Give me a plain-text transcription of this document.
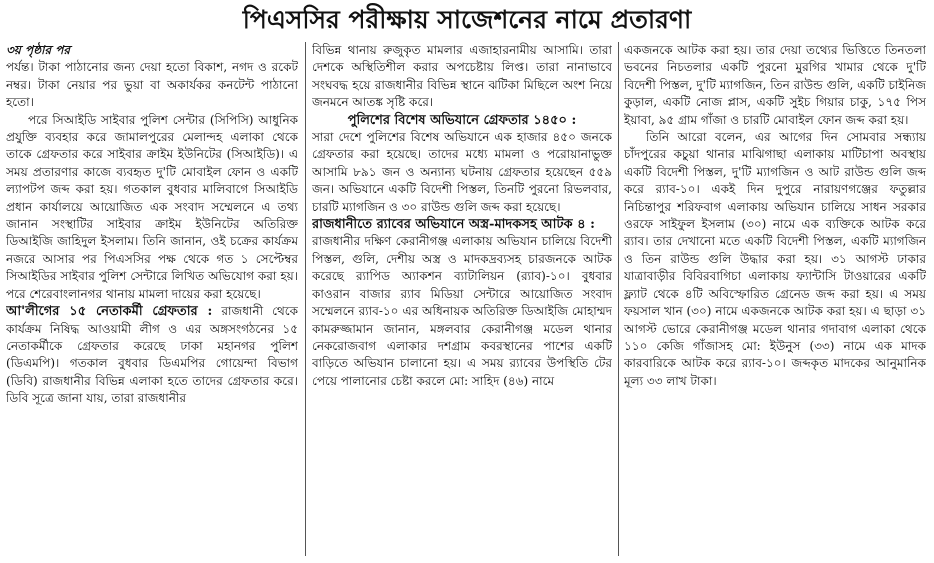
পিএসসির পরীক্ষায় সাজেশনের নামে প্রতারণা

৩য় পৃষ্ঠার পর

পর্যন্ত। টাকা পাঠানোর জন্য দেয়া হতো বিকাশ, নগদ ও রকেট নম্বর। টাকা নেয়ার পর ভুয়া বা অকার্যকর কনটেন্ট পাঠানো হতো।

পরে সিআইডি সাইবার পুলিশ সেন্টার (সিপিসি) আধুনিক প্রযুক্তি ব্যবহার করে জামালপুরের মেলান্দহ এলাকা থেকে তাকে গ্রেফতার করে সাইবার ক্রাইম ইউনিটের (সিআইডি)। এ সময় প্রতারণার কাজে ব্যবহৃত দু'টি মোবাইল ফোন ও একটি ল্যাপটপ জব্দ করা হয়। গতকাল বুধবার মালিবাগে সিআইডি প্রধান কার্যালয়ে আয়োজিত এক সংবাদ সম্মেলনে এ তথ্য জানান সংস্থাটির সাইবার ক্রাইম ইউনিটের অতিরিক্ত ডিআইজি জাহিদুল ইসলাম। তিনি জানান, ওই চক্রের কার্যক্রম নজরে আসার পর পিএসসির পক্ষ থেকে গত ১ সেপ্টেম্বর সিআইডির সাইবার পুলিশ সেন্টারে লিখিত অভিযোগ করা হয়। পরে শেরেবাংলানগর থানায় মামলা দায়ের করা হয়েছে।

আ'লীগের ১৫ নেতাকর্মী গ্রেফতার : রাজধানী থেকে কার্যক্রম নিষিদ্ধ আওয়ামী লীগ ও এর অঙ্গসংগঠনের ১৫ নেতাকর্মীকে গ্রেফতার করেছে ঢাকা মহানগর পুলিশ (ডিএমপি)। গতকাল বুধবার ডিএমপির গোয়েন্দা বিভাগ (ডিবি) রাজধানীর বিভিন্ন এলাকা হতে তাদের গ্রেফতার করে। ডিবি সূত্রে জানা যায়, তারা রাজধানীর

বিভিন্ন থানায় রুজুকৃত মামলার এজাহারনামীয় আসামি। তারা দেশকে অস্থিতিশীল করার অপচেষ্টায় লিপ্ত। তারা নানাভাবে সংঘবদ্ধ হয়ে রাজধানীর বিভিন্ন স্থানে ঝটিকা মিছিলে অংশ নিয়ে জনমনে আতঙ্ক সৃষ্টি করে।

পুলিশের বিশেষ অভিযানে গ্রেফতার ১৪৫০ :

সারা দেশে পুলিশের বিশেষ অভিযানে এক হাজার ৪৫০ জনকে গ্রেফতার করা হয়েছে। তাদের মধ্যে মামলা ও পরোয়ানাভুক্ত আসামি ৮৯১ জন ও অন্যান্য ঘটনায় গ্রেফতার হয়েছেন ৫৫৯ জন। অভিযানে একটি বিদেশী পিস্তল, তিনটি পুরনো রিভলবার, চারটি ম্যাগজিন ও ৩০ রাউন্ড গুলি জব্দ করা হয়েছে।

রাজধানীতে র‍্যাবের অভিযানে অস্ত্র-মাদকসহ আটক ৪ :

রাজধানীর দক্ষিণ কেরানীগঞ্জ এলাকায় অভিযান চালিয়ে বিদেশী পিস্তল, গুলি, দেশীয় অস্ত্র ও মাদকদ্রব্যসহ চারজনকে আটক করেছে র‍্যাপিড অ্যাকশন ব্যাটালিয়ন (র‍্যাব)-১০। বুধবার কাওরান বাজার র‍্যাব মিডিয়া সেন্টারে আয়োজিত সংবাদ সম্মেলনে র‍্যাব-১০ এর অধিনায়ক অতিরিক্ত ডিআইজি মোহাম্মদ কামরুজ্জামান জানান, মঙ্গলবার কেরানীগঞ্জ মডেল থানার নেকরোজবাগ এলাকার দশগ্রাম কবরস্থানের পাশের একটি বাড়িতে অভিযান চালানো হয়। এ সময় র‍্যাবের উপস্থিতি টের পেয়ে পালানোর চেষ্টা করলে মো: সাহিদ (৪৬) নামে

একজনকে আটক করা হয়। তার দেয়া তথ্যের ভিত্তিতে তিনতলা ভবনের নিচতলার একটি পুরনো মুরগির খামার থেকে দু'টি বিদেশী পিস্তল, দু'টি ম্যাগজিন, তিন রাউন্ড গুলি, একটি চাইনিজ কুড়াল, একটি নোজ প্লাস, একটি সুইচ গিয়ার চাকু, ১৭৫ পিস ইয়াবা, ৯৫ গ্রাম গাঁজা ও চারটি মোবাইল ফোন জব্দ করা হয়।

তিনি আরো বলেন, এর আগের দিন সোমবার সন্ধ্যায় চাঁদপুরের কচুয়া থানার মাঝিগাছা এলাকায় মাটিচাপা অবস্থায় একটি বিদেশী পিস্তল, দু'টি ম্যাগজিন ও আট রাউন্ড গুলি জব্দ করে র‍্যাব-১০। একই দিন দুপুরে নারায়ণগঞ্জের ফতুল্লার নিচিন্তাপুর শরিফবাগ এলাকায় অভিযান চালিয়ে সাধন সরকার ওরফে সাইফুল ইসলাম (৩০) নামে এক ব্যক্তিকে আটক করে র‍্যাব। তার দেখানো মতে একটি বিদেশী পিস্তল, একটি ম্যাগজিন ও তিন রাউন্ড গুলি উদ্ধার করা হয়। ৩১ আগস্ট ঢাকার যাত্রাবাড়ীর বিবিরবাগিচা এলাকায় ফ্যান্টাসি টাওয়ারের একটি ফ্ল্যাট থেকে ৪টি অবিস্ফোরিত গ্রেনেড জব্দ করা হয়। এ সময় ফয়সাল খান (৩০) নামে একজনকে আটক করা হয়। এ ছাড়া ৩১ আগস্ট ভোরে কেরানীগঞ্জ মডেল থানার গদাবাগ এলাকা থেকে ১১০ কেজি গাঁজাসহ মো: ইউনুস (৩৩) নামে এক মাদক কারবারিকে আটক করে র‍্যাব-১০। জব্দকৃত মাদকের আনুমানিক মূল্য ৩৩ লাখ টাকা।
